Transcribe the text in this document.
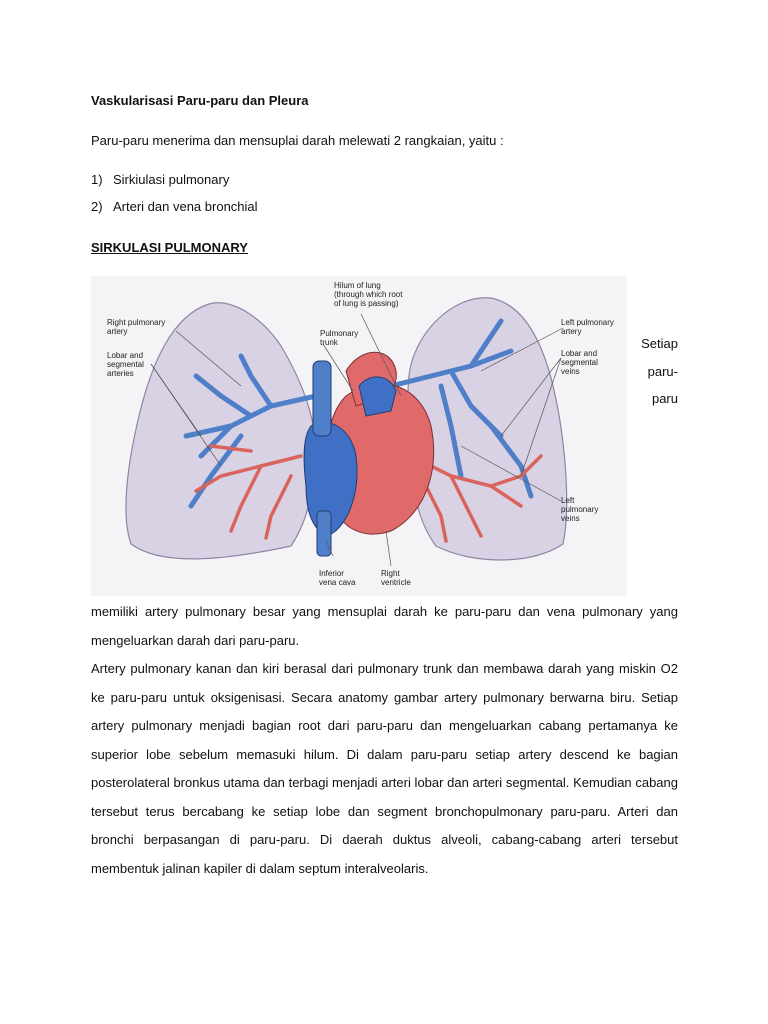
Vaskularisasi Paru-paru dan Pleura
Paru-paru menerima dan mensuplai darah melewati 2 rangkaian, yaitu :
1) Sirkiulasi pulmonary
2) Arteri dan vena bronchial
SIRKULASI PULMONARY
Hilum of lung (through which root of lung is passing)
Right pulmonary artery
Lobar and segmental arteries
Pulmonary trunk
Left pulmonary artery
Lobar and segmental veins
Left pulmonary veins
Inferior vena cava
Right ventricle
Setiap
paru-
paru

memiliki artery pulmonary besar yang mensuplai darah ke paru-paru dan vena pulmonary yang mengeluarkan darah dari paru-paru.

Artery pulmonary kanan dan kiri berasal dari pulmonary trunk dan membawa darah yang miskin O2 ke paru-paru untuk oksigenisasi. Secara anatomy gambar artery pulmonary berwarna biru. Setiap artery pulmonary menjadi bagian root dari paru-paru dan mengeluarkan cabang pertamanya ke superior lobe sebelum memasuki hilum. Di dalam paru-paru setiap artery descend ke bagian posterolateral bronkus utama dan terbagi menjadi arteri lobar dan arteri segmental. Kemudian cabang tersebut terus bercabang ke setiap lobe dan segment bronchopulmonary paru-paru. Arteri dan bronchi berpasangan di paru-paru. Di daerah duktus alveoli, cabang-cabang arteri tersebut membentuk jalinan kapiler di dalam septum interalveolaris.
